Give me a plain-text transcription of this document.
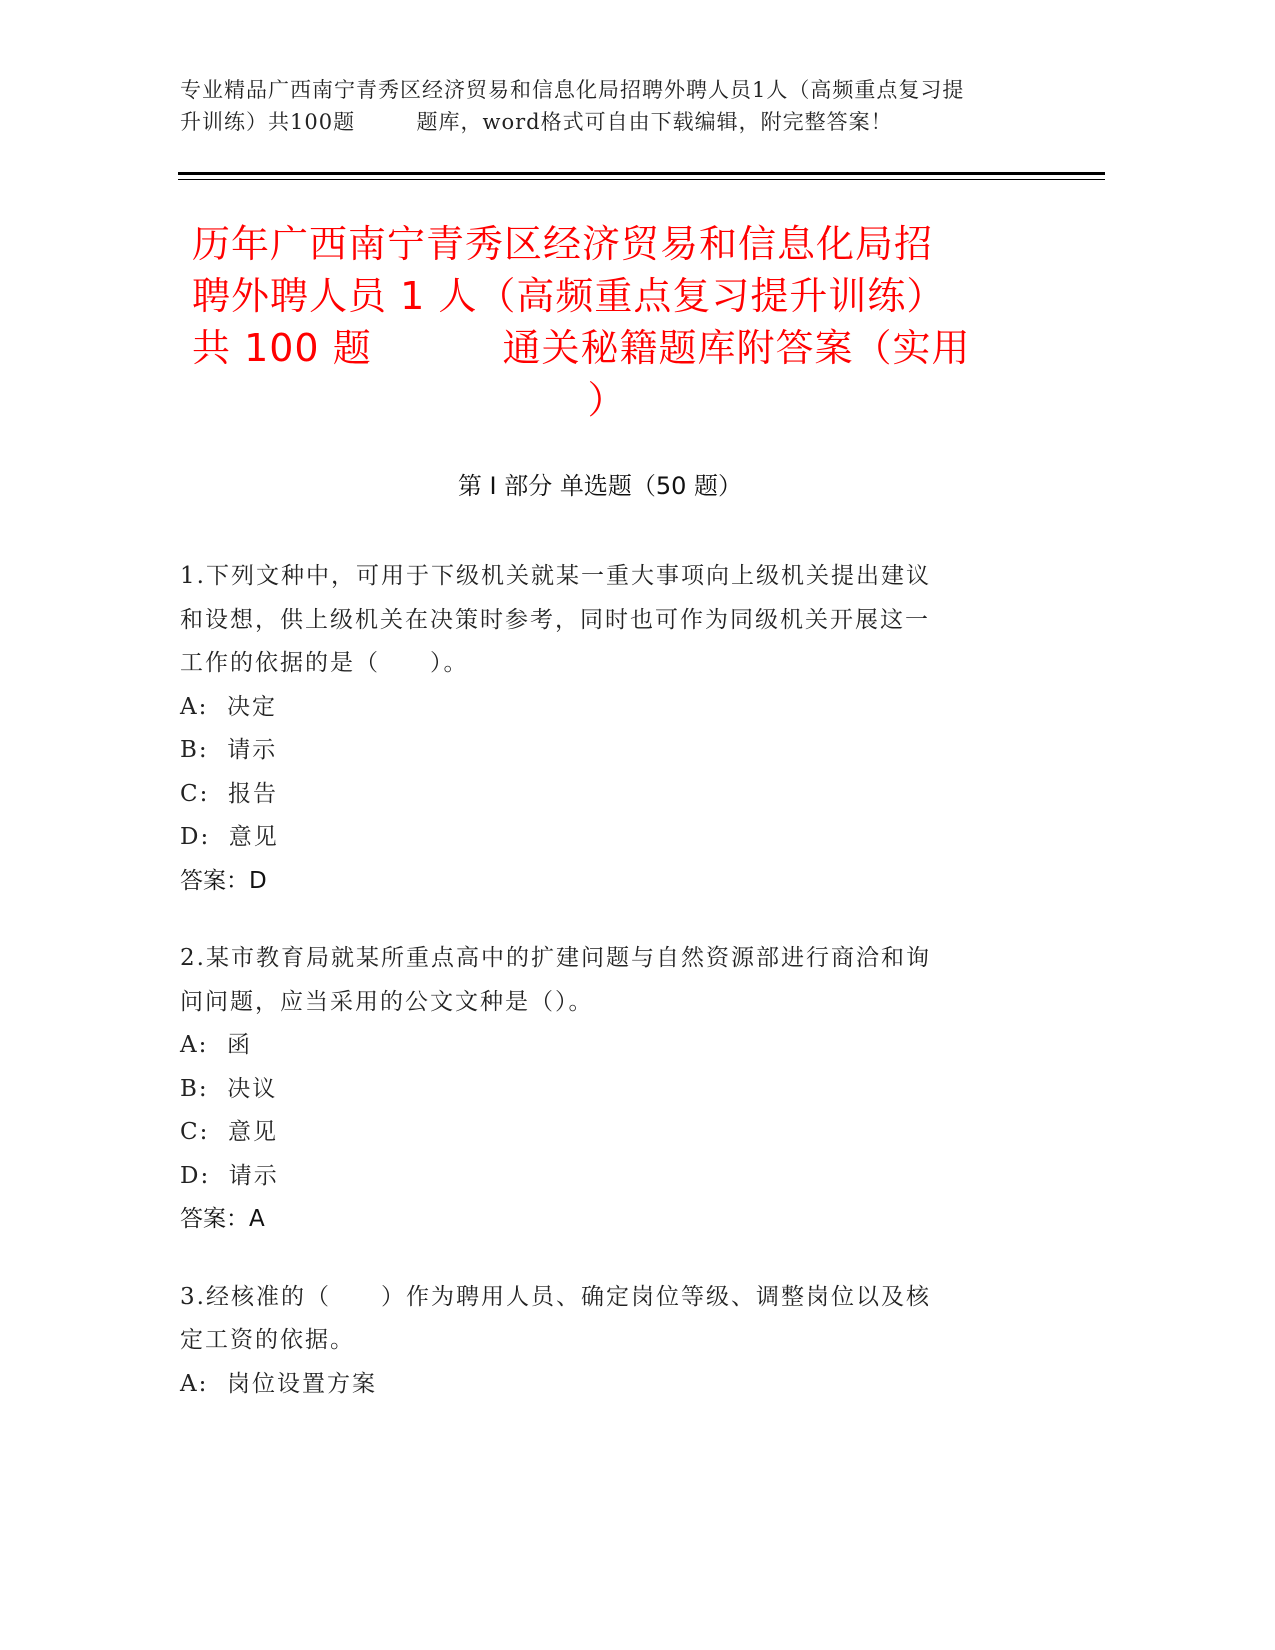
专业精品广西南宁青秀区经济贸易和信息化局招聘外聘人员1人（高频重点复习提
升训练）共100题        题库，word格式可自由下载编辑，附完整答案！
历年广西南宁青秀区经济贸易和信息化局招
聘外聘人员 1 人（高频重点复习提升训练）
共 100 题          通关秘籍题库附答案（实用
）
第 I 部分 单选题（50 题）
1.下列文种中，可用于下级机关就某一重大事项向上级机关提出建议
和设想，供上级机关在决策时参考，同时也可作为同级机关开展这一
工作的依据的是（　　）。
A:  决定
B:  请示
C:  报告
D:  意见
答案：D
2.某市教育局就某所重点高中的扩建问题与自然资源部进行商洽和询
问问题，应当采用的公文文种是（）。
A:  函
B:  决议
C:  意见
D:  请示
答案：A
3.经核准的（　　）作为聘用人员、确定岗位等级、调整岗位以及核
定工资的依据。
A:  岗位设置方案
